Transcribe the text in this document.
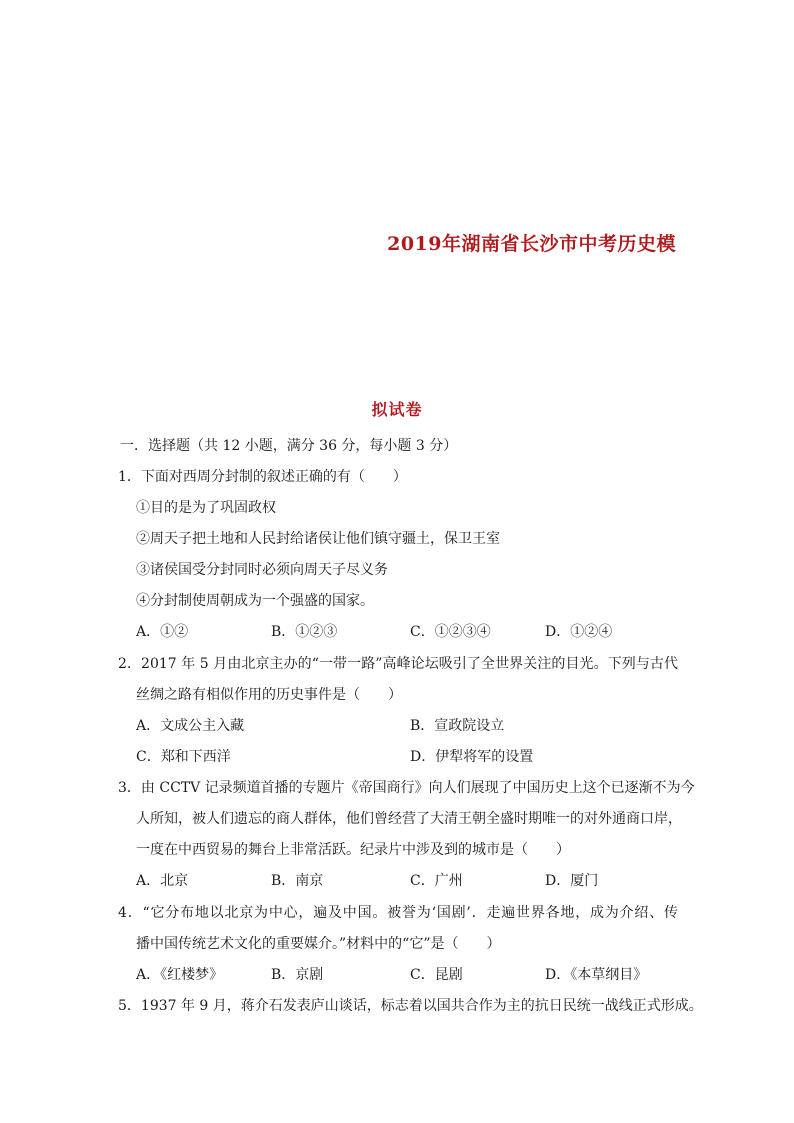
2019年湖南省长沙市中考历史模
拟试卷
一．选择题（共 12 小题，满分 36 分，每小题 3 分）
1．下面对西周分封制的叙述正确的有（　　）
①目的是为了巩固政权
②周天子把土地和人民封给诸侯让他们镇守疆土，保卫王室
③诸侯国受分封同时必须向周天子尽义务
④分封制使周朝成为一个强盛的国家。
A．①②	B．①②③	C．①②③④	D．①②④
2．2017 年 5 月由北京主办的“一带一路”高峰论坛吸引了全世界关注的目光。下列与古代
丝绸之路有相似作用的历史事件是（　　）
A．文成公主入藏	B．宣政院设立
C．郑和下西洋	D．伊犁将军的设置
3．由 CCTV 记录频道首播的专题片《帝国商行》向人们展现了中国历史上这个已逐渐不为今
人所知，被人们遗忘的商人群体，他们曾经营了大清王朝全盛时期唯一的对外通商口岸，
一度在中西贸易的舞台上非常活跃。纪录片中涉及到的城市是（　　）
A．北京	B．南京	C．广州	D．厦门
4．“它分布地以北京为中心，遍及中国。被誉为‘国剧’．走遍世界各地，成为介绍、传
播中国传统艺术文化的重要媒介。”材料中的“它”是（　　）
A．《红楼梦》	B．京剧	C．昆剧	D．《本草纲目》
5．1937 年 9 月，蒋介石发表庐山谈话，标志着以国共合作为主的抗日民统一战线正式形成。
